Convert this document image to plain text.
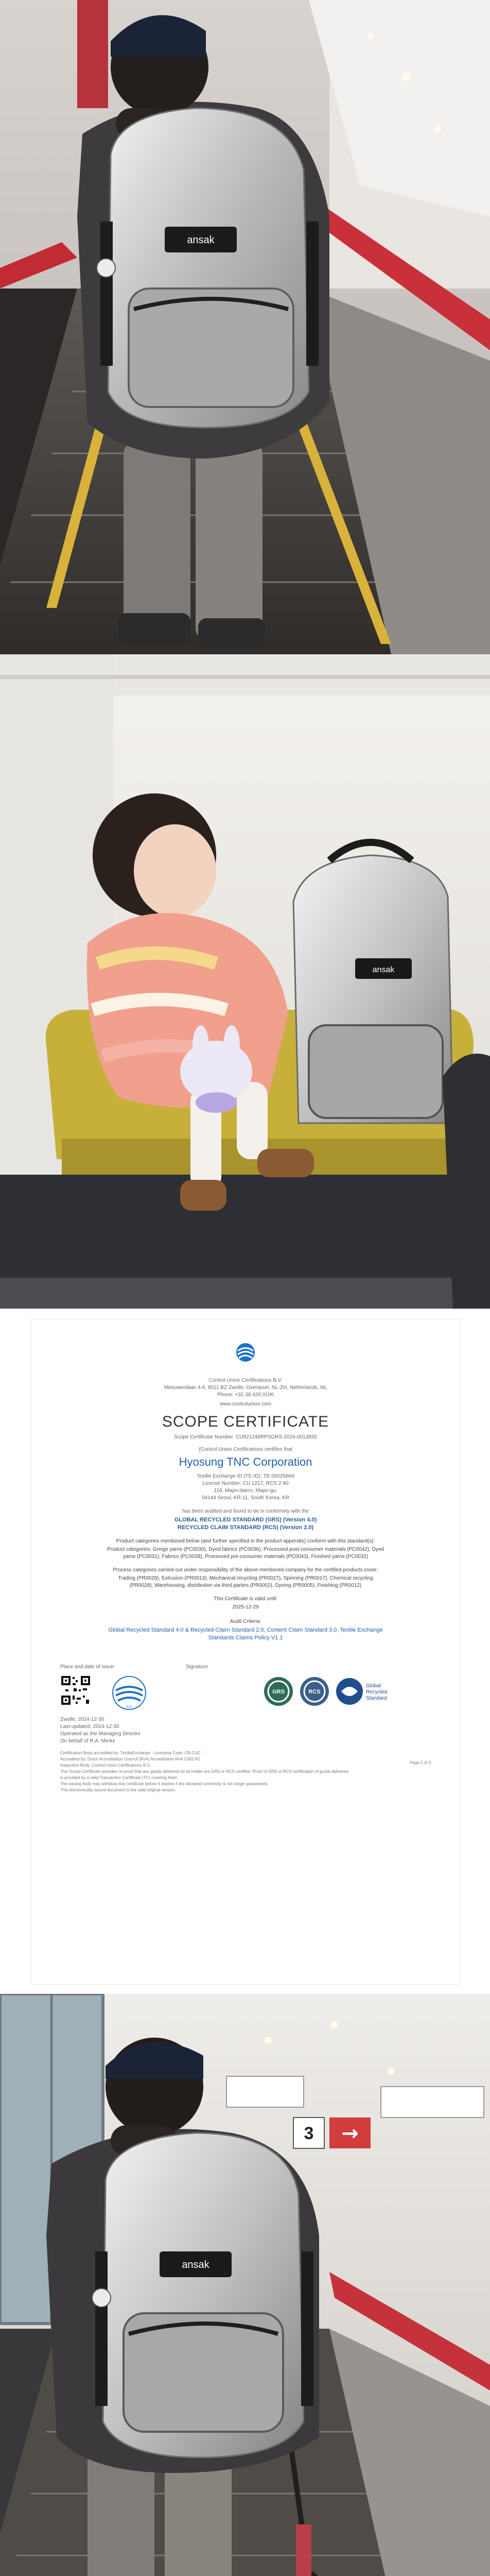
ansak
ansak
Control Union Certifications B.V.
Meeuwenlaan 4-6, 8011 BZ Zwolle, Overijssel, NL-ZH, Netherlands, NL
Phone: +31 38 426 0100
www.controlunion.com
SCOPE CERTIFICATE
Scope Certificate Number: CU821248RPSGRS-2024-0013855
(Control Union Certifications certifies that
Hyosung TNC Corporation
Textile Exchange ID (TE-ID): TE-00026664
License Number: CU 1217, RCS 2-90
119, Mapo-daero, Mapo-gu,
04144 Seoul, KR-11, South Korea, KR
has been audited and found to be in conformity with the
GLOBAL RECYCLED STANDARD (GRS) (Version 4.0)
RECYCLED CLAIM STANDARD (RCS) (Version 2.0)
Product categories mentioned below (and further specified in the product appendix) conform with this standard(s):
Product categories: Greige yarns (PC0030), Dyed fabrics (PC0036), Processed post-consumer materials (PC0042), Dyed
yarns (PC0031), Fabrics (PC0028), Processed pre-consumer materials (PC0043), Finished yarns (PC0032)
Process categories carried out under responsibility of the above-mentioned company for the certified products cover:
Trading (PR0028), Extrusion (PR0013), Mechanical recycling (PR0027), Spinning (PR0017), Chemical recycling
(PR0028), Warehousing, distribution via third parties (PR0002), Dyeing (PR0005), Finishing (PR0012)
This Certificate is valid until:
2025-12-29
Audit Criteria:
Global Recycled Standard 4.0 & Recycled Claim Standard 2.0, Content Claim Standard 3.0, Textile Exchange
Standards Claims Policy V1.1
Place and date of issue:	Signature
CU
GRS	RCS
Global
Recycled
Standard
Zwolle, 2024-12-30
Last updated: 2024-12-30
Operated as the Managing Director
On behalf of R.A. Merkx
Certification Body accredited by: TextileExchange - Licensing Code: CB-CUC
Accredited by: Dutch Accreditation Council (RvA) Accreditation RvA C002 R1
Inspection Body: Control Union Certifications B.V.
This Scope Certificate provides no proof that any goods delivered by its holder are GRS or RCS certified. Proof of GRS or RCS certification of goods delivered
is provided by a valid Transaction Certificate (TC) covering them.
The issuing body may withdraw this certificate before it expires if the declared conformity is not longer guaranteed.
This electronically issued document is the valid original version.
Page 1 of 3
3 →
ansak
